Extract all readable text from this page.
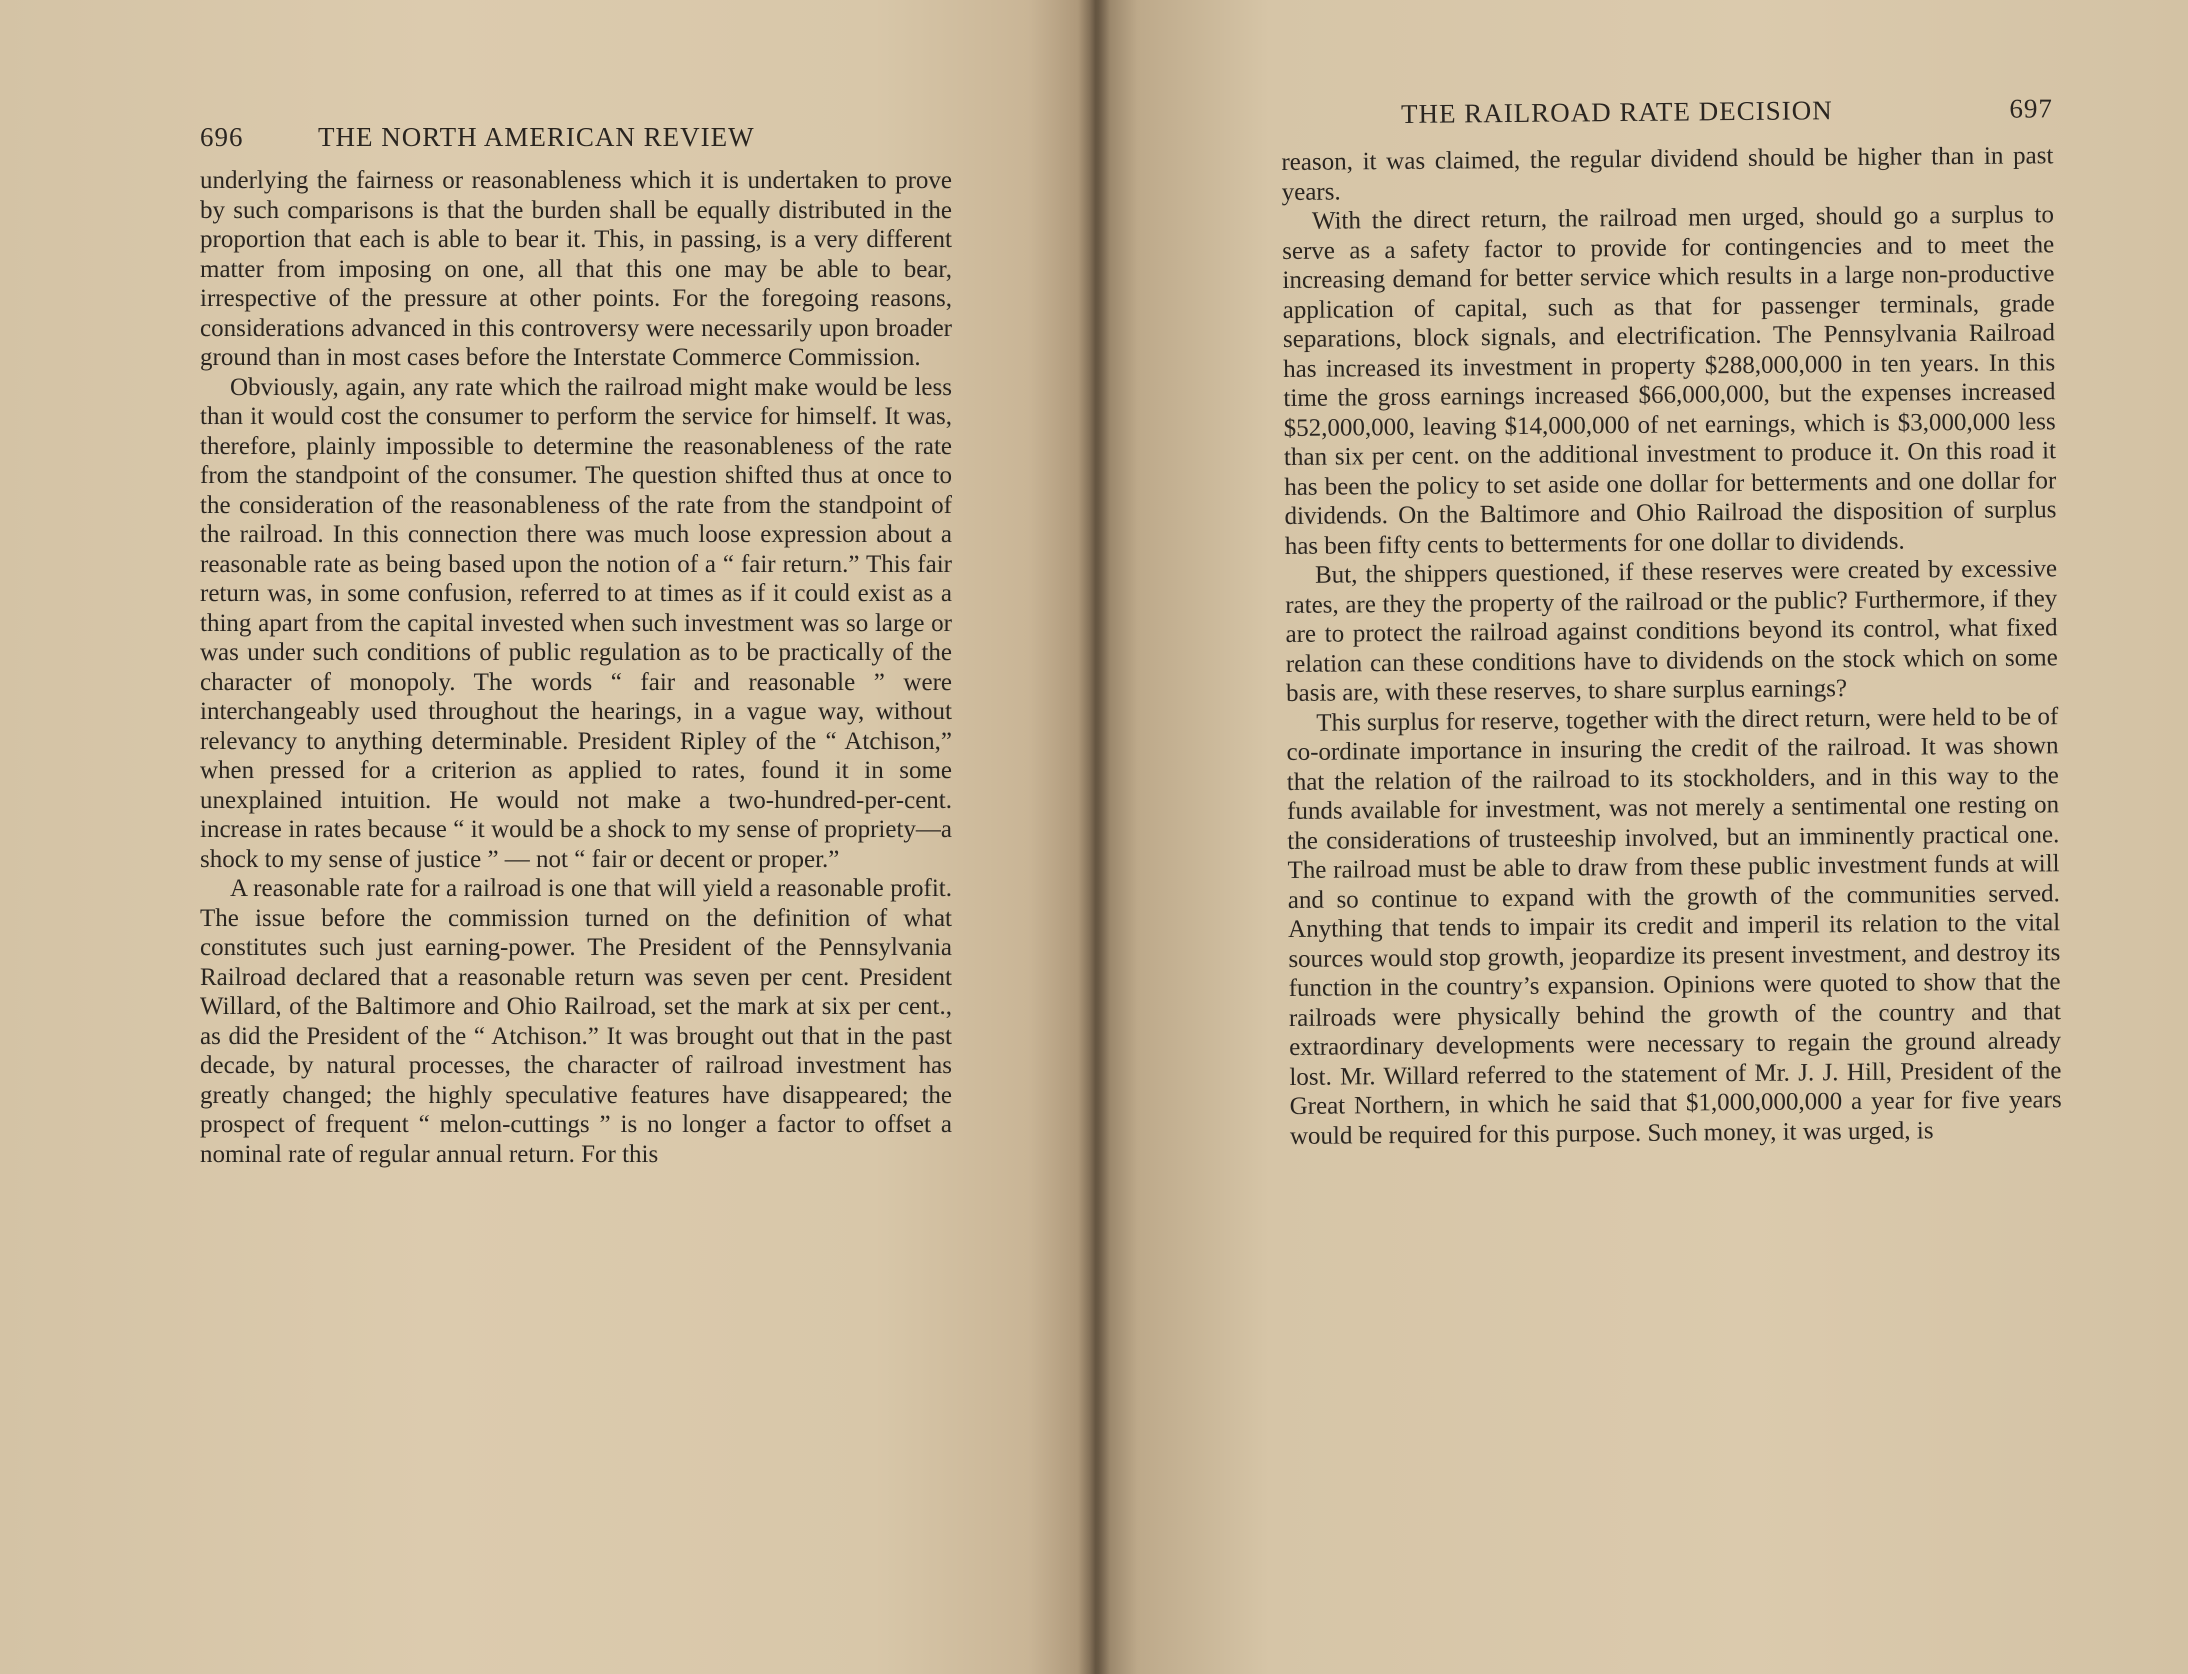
696	THE NORTH AMERICAN REVIEW

underlying the fairness or reasonableness which it is undertaken to prove by such comparisons is that the burden shall be equally distributed in the proportion that each is able to bear it. This, in passing, is a very different matter from imposing on one, all that this one may be able to bear, irrespective of the pressure at other points. For the foregoing reasons, considerations advanced in this controversy were necessarily upon broader ground than in most cases before the Interstate Commerce Commission.

Obviously, again, any rate which the railroad might make would be less than it would cost the consumer to perform the service for himself. It was, therefore, plainly impossible to determine the reasonableness of the rate from the standpoint of the consumer. The question shifted thus at once to the consideration of the reasonableness of the rate from the standpoint of the railroad. In this connection there was much loose expression about a reasonable rate as being based upon the notion of a “ fair return.” This fair return was, in some confusion, referred to at times as if it could exist as a thing apart from the capital invested when such investment was so large or was under such conditions of public regulation as to be practically of the character of monopoly. The words “ fair and reasonable ” were interchangeably used throughout the hearings, in a vague way, without relevancy to anything determinable. President Ripley of the “ Atchison,” when pressed for a criterion as applied to rates, found it in some unexplained intuition. He would not make a two-hundred-per-cent. increase in rates because “ it would be a shock to my sense of propriety—a shock to my sense of justice ” — not “ fair or decent or proper.”

A reasonable rate for a railroad is one that will yield a reasonable profit. The issue before the commission turned on the definition of what constitutes such just earning-power. The President of the Pennsylvania Railroad declared that a reasonable return was seven per cent. President Willard, of the Baltimore and Ohio Railroad, set the mark at six per cent., as did the President of the “ Atchison.” It was brought out that in the past decade, by natural processes, the character of railroad investment has greatly changed; the highly speculative features have disappeared; the prospect of frequent “ melon-cuttings ” is no longer a factor to offset a nominal rate of regular annual return. For this

THE RAILROAD RATE DECISION	697

reason, it was claimed, the regular dividend should be higher than in past years.

With the direct return, the railroad men urged, should go a surplus to serve as a safety factor to provide for contingencies and to meet the increasing demand for better service which results in a large non-productive application of capital, such as that for passenger terminals, grade separations, block signals, and electrification. The Pennsylvania Railroad has increased its investment in property $288,000,000 in ten years. In this time the gross earnings increased $66,000,000, but the expenses increased $52,000,000, leaving $14,000,000 of net earnings, which is $3,000,000 less than six per cent. on the additional investment to produce it. On this road it has been the policy to set aside one dollar for betterments and one dollar for dividends. On the Baltimore and Ohio Railroad the disposition of surplus has been fifty cents to betterments for one dollar to dividends.

But, the shippers questioned, if these reserves were created by excessive rates, are they the property of the railroad or the public? Furthermore, if they are to protect the railroad against conditions beyond its control, what fixed relation can these conditions have to dividends on the stock which on some basis are, with these reserves, to share surplus earnings?

This surplus for reserve, together with the direct return, were held to be of co-ordinate importance in insuring the credit of the railroad. It was shown that the relation of the railroad to its stockholders, and in this way to the funds available for investment, was not merely a sentimental one resting on the considerations of trusteeship involved, but an imminently practical one. The railroad must be able to draw from these public investment funds at will and so continue to expand with the growth of the communities served. Anything that tends to impair its credit and imperil its relation to the vital sources would stop growth, jeopardize its present investment, and destroy its function in the country’s expansion. Opinions were quoted to show that the railroads were physically behind the growth of the country and that extraordinary developments were necessary to regain the ground already lost. Mr. Willard referred to the statement of Mr. J. J. Hill, President of the Great Northern, in which he said that $1,000,000,000 a year for five years would be required for this purpose. Such money, it was urged, is
